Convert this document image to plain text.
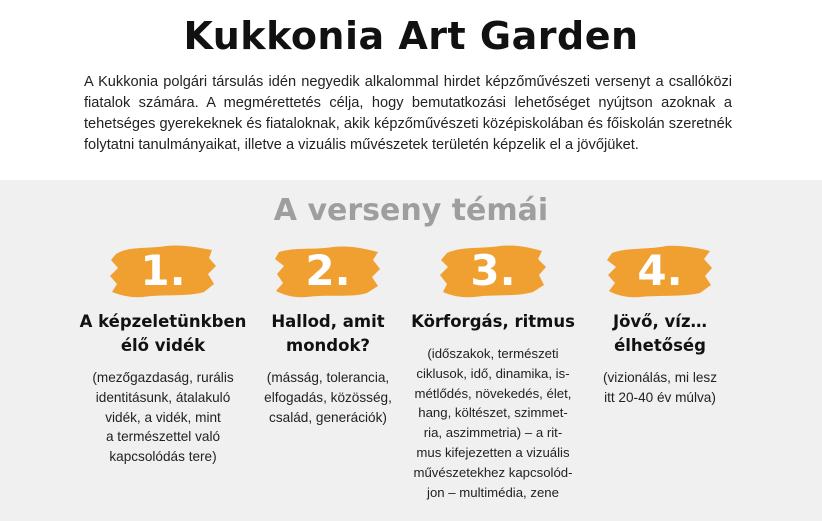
Kukkonia Art Garden

A Kukkonia polgári társulás idén negyedik alkalommal hirdet képzőművészeti versenyt a csallóközi fiatalok számára. A megmérettetés célja, hogy bemutatkozási lehetőséget nyújtson azoknak a tehetséges gyerekeknek és fiataloknak, akik képzőművészeti középiskolában és főiskolán szeretnék folytatni tanulmányaikat, illetve a vizuális művészetek területén képzelik el a jövőjüket.

A verseny témái
1.
A képzeletünkben
élő vidék
(mezőgazdaság, rurális
identitásunk, átalakuló
vidék, a vidék, mint
a természettel való
kapcsolódás tere)
2.
Hallod, amit
mondok?
(másság, tolerancia,
elfogadás, közösség,
család, generációk)
3.
Körforgás, ritmus
(időszakok, természeti
ciklusok, idő, dinamika, is-
métlődés, növekedés, élet,
hang, költészet, szimmet-
ria, aszimmetria) – a rit-
mus kifejezetten a vizuális
művészetekhez kapcsolód-
jon – multimédia, zene
4.
Jövő, víz…
élhetőség
(vizionálás, mi lesz
itt 20-40 év múlva)
